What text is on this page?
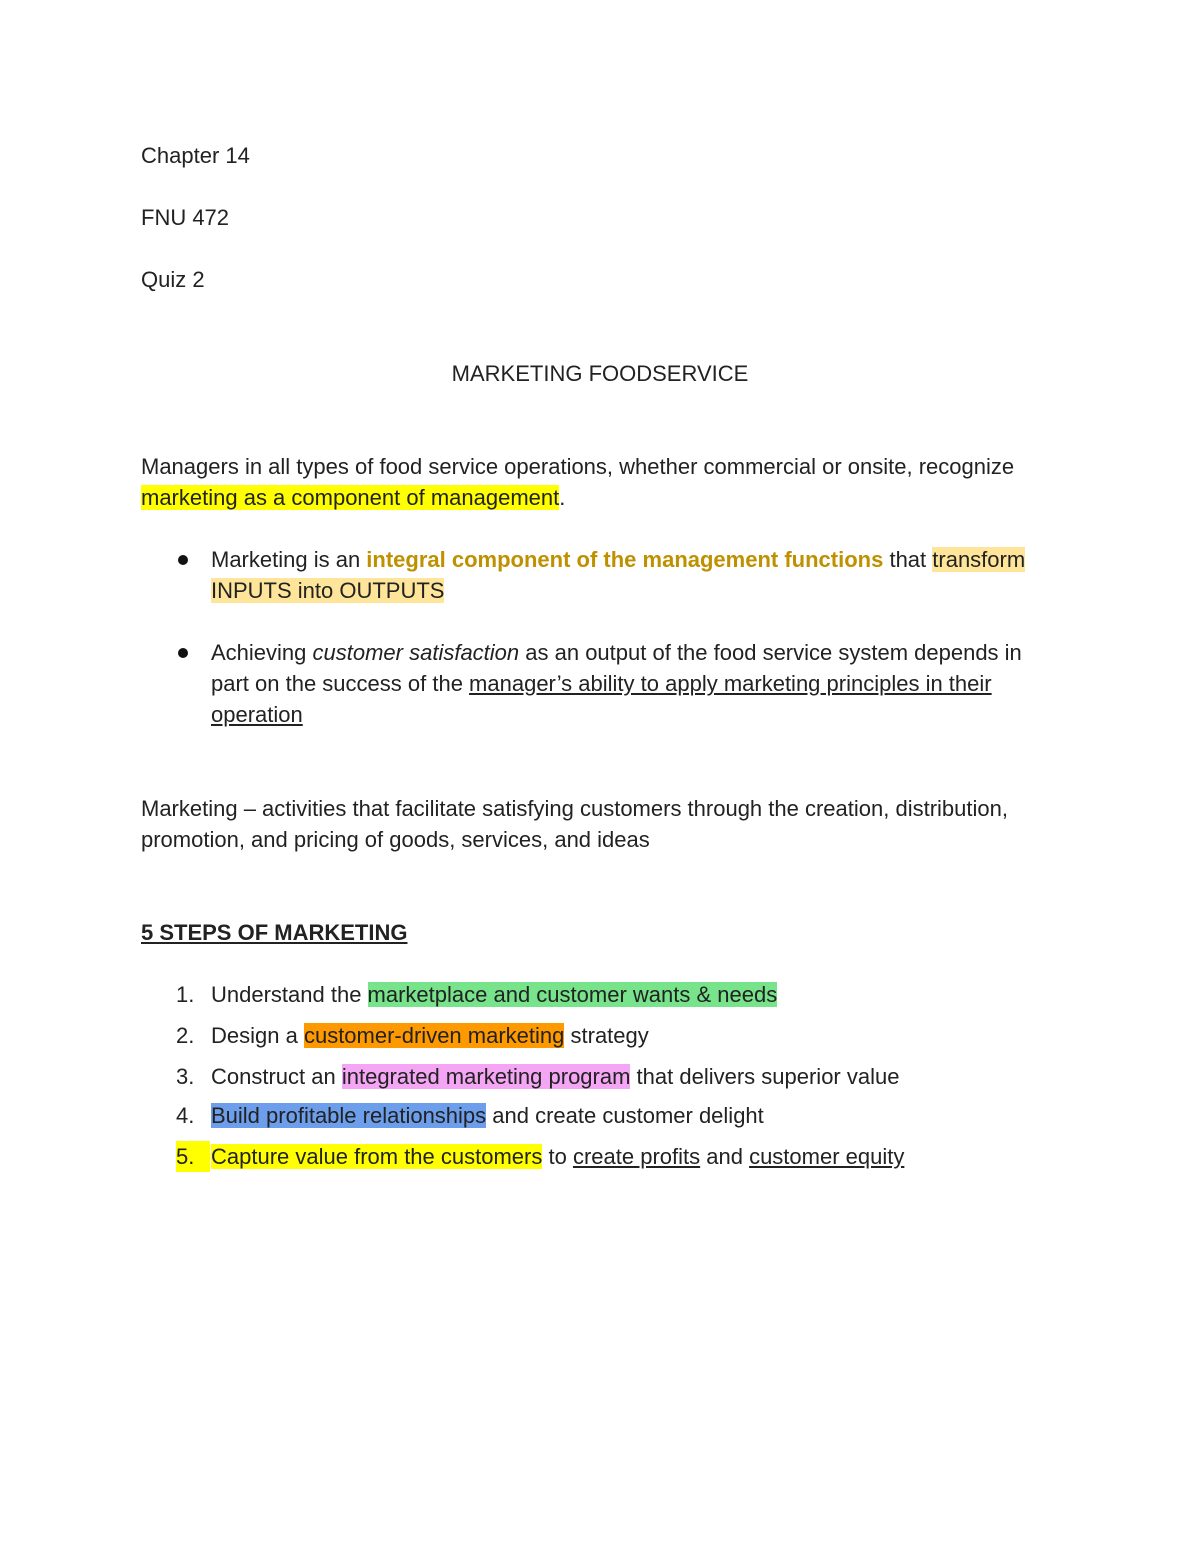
Chapter 14
FNU 472
Quiz 2
MARKETING FOODSERVICE
Managers in all types of food service operations, whether commercial or onsite, recognize marketing as a component of management.
Marketing is an integral component of the management functions that transform INPUTS into OUTPUTS
Achieving customer satisfaction as an output of the food service system depends in part on the success of the manager’s ability to apply marketing principles in their operation
Marketing – activities that facilitate satisfying customers through the creation, distribution, promotion, and pricing of goods, services, and ideas
5 STEPS OF MARKETING
1. Understand the marketplace and customer wants & needs
2. Design a customer-driven marketing strategy
3. Construct an integrated marketing program that delivers superior value
4. Build profitable relationships and create customer delight
5. Capture value from the customers to create profits and customer equity
